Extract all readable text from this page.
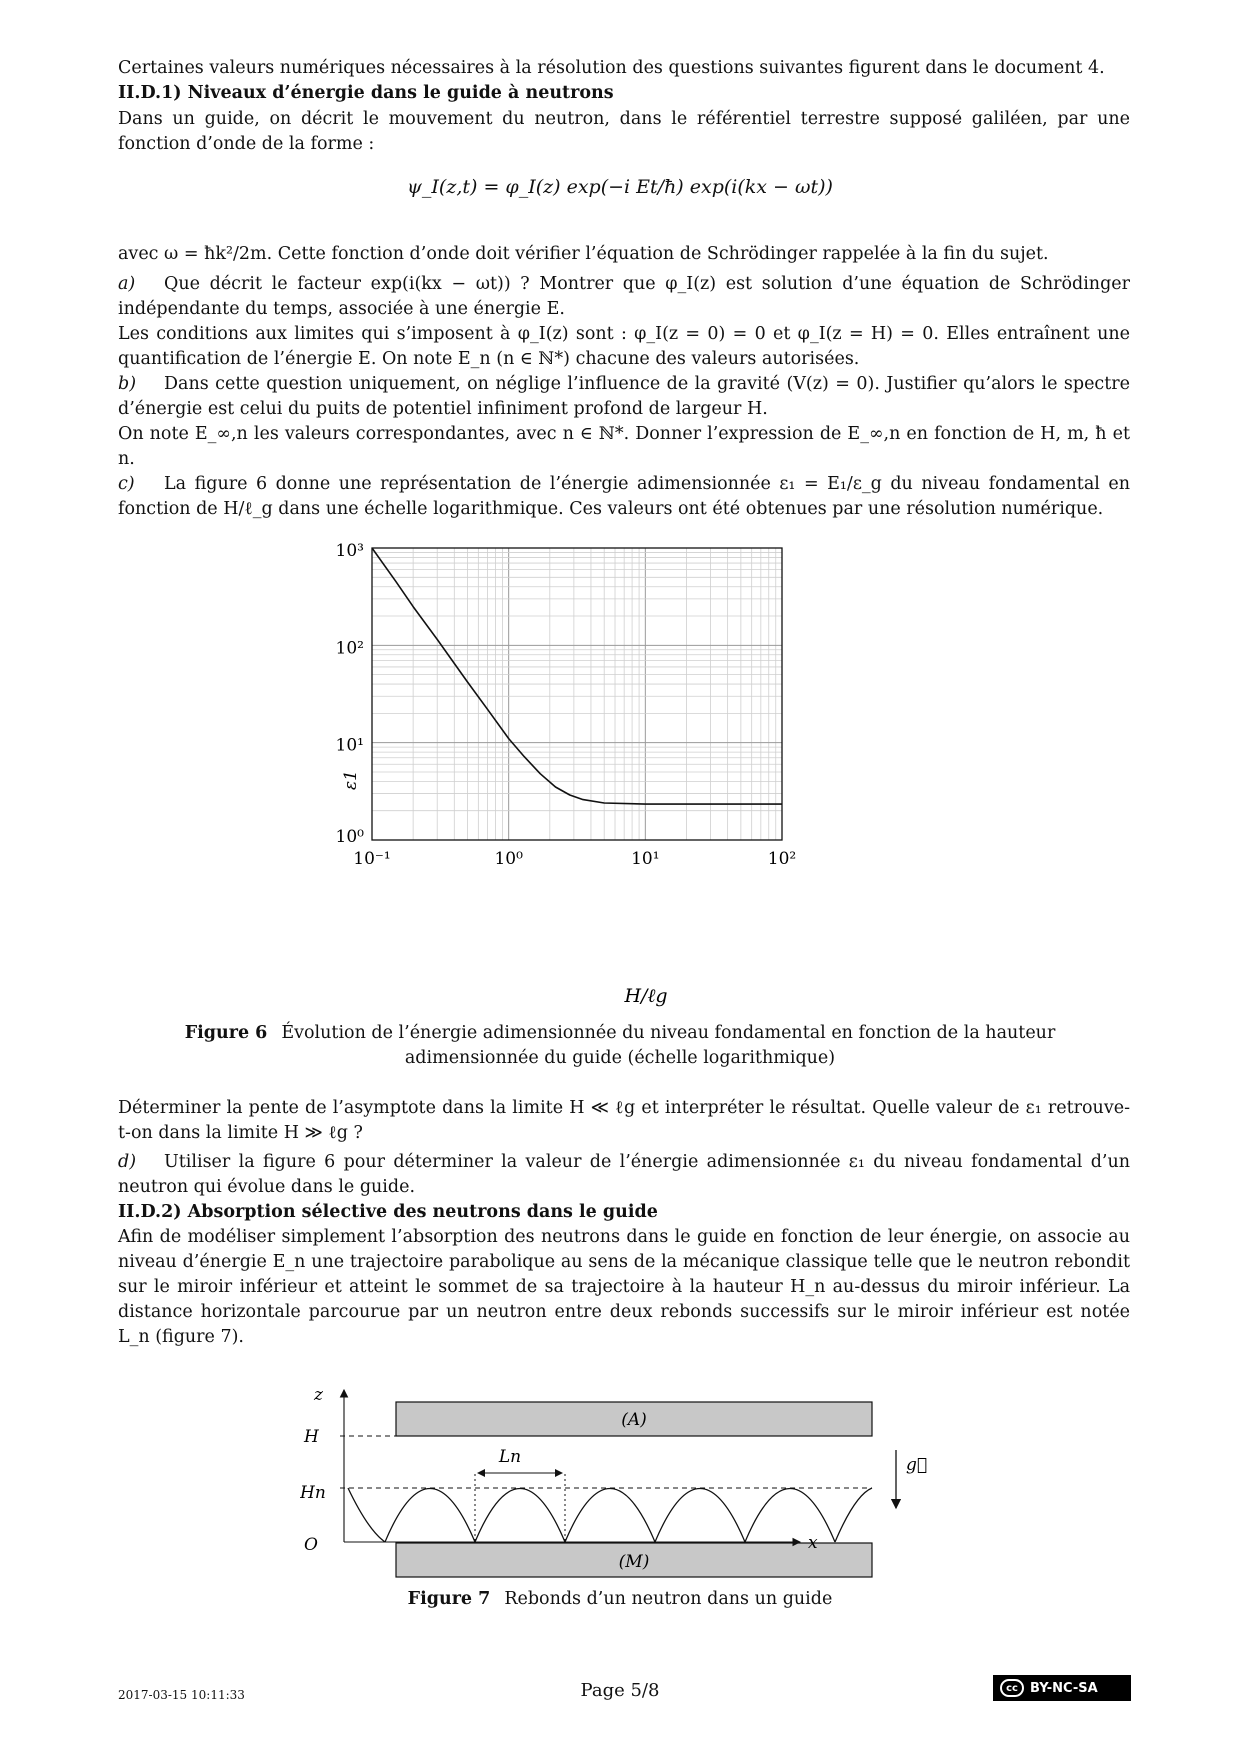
Certaines valeurs numériques nécessaires à la résolution des questions suivantes figurent dans le document 4.

II.D.1) Niveaux d’énergie dans le guide à neutrons

Dans un guide, on décrit le mouvement du neutron, dans le référentiel terrestre supposé galiléen, par une fonction d’onde de la forme :

ψ_I(z,t) = φ_I(z) exp(−i Et/ħ) exp(i(kx − ωt))

avec ω = ħk²/2m. Cette fonction d’onde doit vérifier l’équation de Schrödinger rappelée à la fin du sujet.

a) Que décrit le facteur exp(i(kx − ωt)) ? Montrer que φ_I(z) est solution d’une équation de Schrödinger indépendante du temps, associée à une énergie E.

Les conditions aux limites qui s’imposent à φ_I(z) sont : φ_I(z = 0) = 0 et φ_I(z = H) = 0. Elles entraînent une quantification de l’énergie E. On note E_n (n ∈ ℕ*) chacune des valeurs autorisées.

b) Dans cette question uniquement, on néglige l’influence de la gravité (V(z) = 0). Justifier qu’alors le spectre d’énergie est celui du puits de potentiel infiniment profond de largeur H.

On note E_∞,n les valeurs correspondantes, avec n ∈ ℕ*. Donner l’expression de E_∞,n en fonction de H, m, ħ et n.

c) La figure 6 donne une représentation de l’énergie adimensionnée ε₁ = E₁/ε_g du niveau fondamental en fonction de H/ℓ_g dans une échelle logarithmique. Ces valeurs ont été obtenues par une résolution numérique.

10⁻¹	10⁰	10¹	10²
10⁰
10¹
10²
10³
H/ℓg
ε1
Figure 6 Évolution de l’énergie adimensionnée du niveau fondamental en fonction de la hauteur
adimensionnée du guide (échelle logarithmique)

Déterminer la pente de l’asymptote dans la limite H ≪ ℓg et interpréter le résultat. Quelle valeur de ε₁ retrouve-t-on dans la limite H ≫ ℓg ?

d) Utiliser la figure 6 pour déterminer la valeur de l’énergie adimensionnée ε₁ du niveau fondamental d’un neutron qui évolue dans le guide.

II.D.2) Absorption sélective des neutrons dans le guide

Afin de modéliser simplement l’absorption des neutrons dans le guide en fonction de leur énergie, on associe au niveau d’énergie E_n une trajectoire parabolique au sens de la mécanique classique telle que le neutron rebondit sur le miroir inférieur et atteint le sommet de sa trajectoire à la hauteur H_n au-dessus du miroir inférieur. La distance horizontale parcourue par un neutron entre deux rebonds successifs sur le miroir inférieur est notée L_n (figure 7).

(A)
(M)
z
x
O
H
Hn
Ln	g⃗
Figure 7 Rebonds d’un neutron dans un guide
2017-03-15 10:11:33	Page 5/8	cc BY-NC-SA
